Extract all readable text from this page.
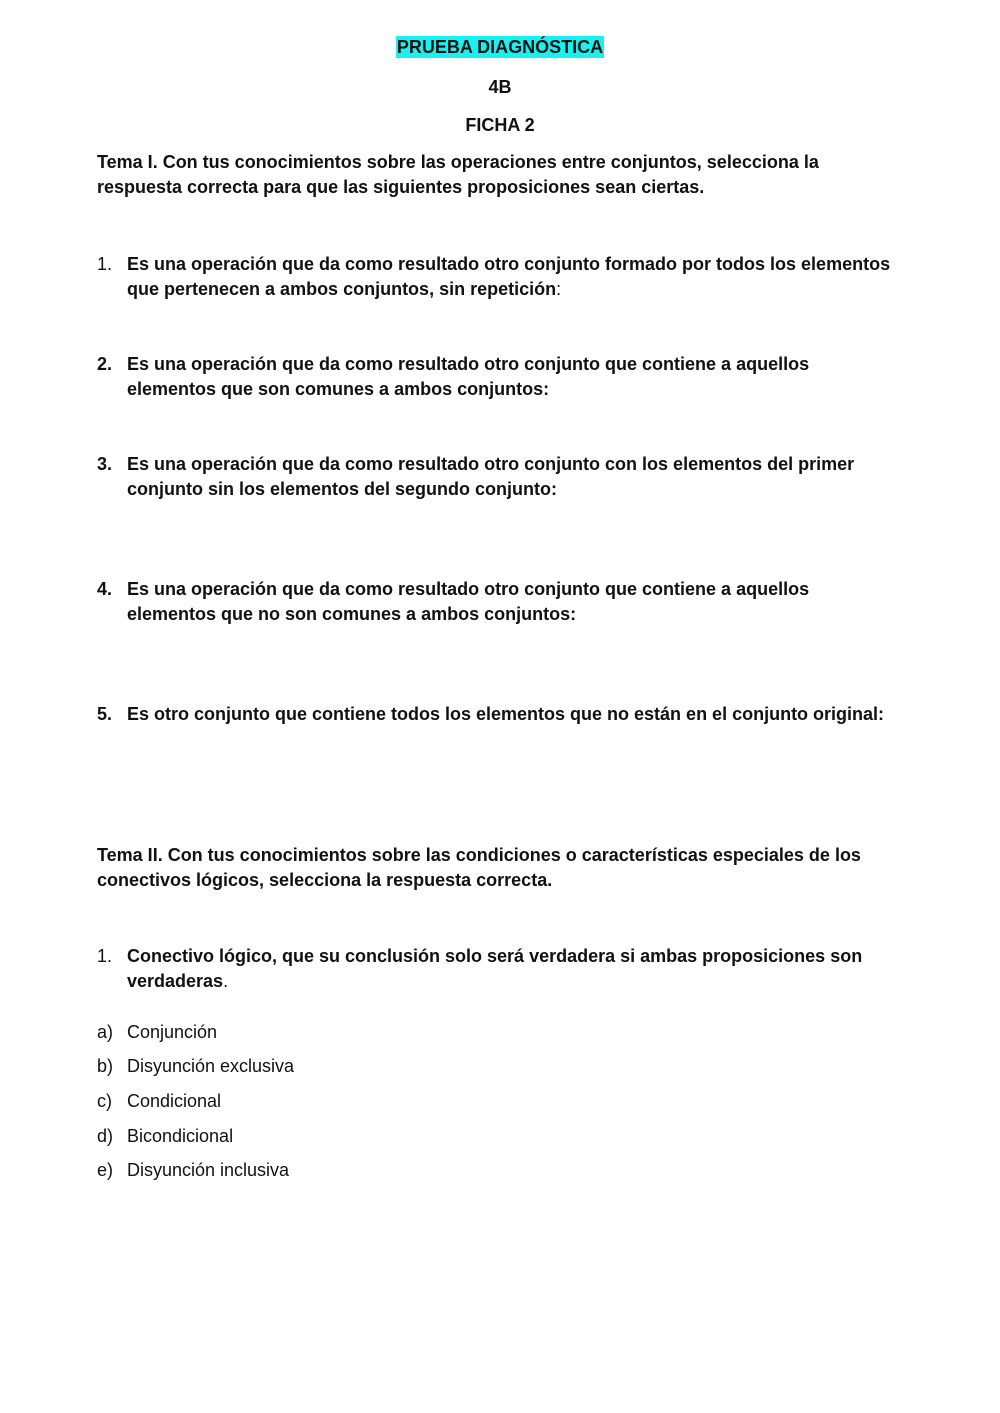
PRUEBA DIAGNÓSTICA

4B

FICHA 2

Tema I. Con tus conocimientos sobre las operaciones entre conjuntos, selecciona la respuesta correcta para que las siguientes proposiciones sean ciertas.

1. Es una operación que da como resultado otro conjunto formado por todos los elementos que pertenecen a ambos conjuntos, sin repetición:
2. Es una operación que da como resultado otro conjunto que contiene a aquellos elementos que son comunes a ambos conjuntos:
3. Es una operación que da como resultado otro conjunto con los elementos del primer conjunto sin los elementos del segundo conjunto:
4. Es una operación que da como resultado otro conjunto que contiene a aquellos elementos que no son comunes a ambos conjuntos:
5. Es otro conjunto que contiene todos los elementos que no están en el conjunto original:

Tema II. Con tus conocimientos sobre las condiciones o características especiales de los conectivos lógicos, selecciona la respuesta correcta.

1. Conectivo lógico, que su conclusión solo será verdadera si ambas proposiciones son verdaderas.
a) Conjunción
b) Disyunción exclusiva
c) Condicional
d) Bicondicional
e) Disyunción inclusiva
